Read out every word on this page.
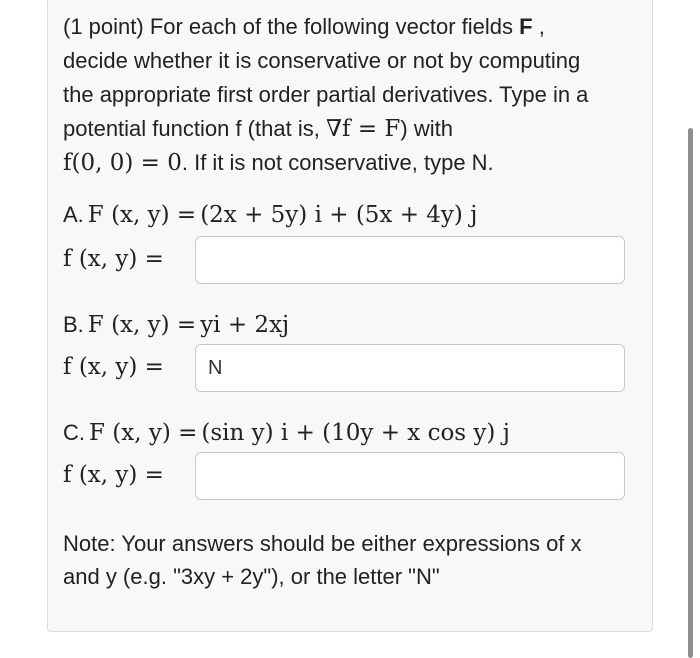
(1 point) For each of the following vector fields F ,
decide whether it is conservative or not by computing
the appropriate first order partial derivatives. Type in a
potential function f (that is, ∇f = F) with
f(0, 0) = 0. If it is not conservative, type N.
A. F (x, y) = (2x + 5y) i + (5x + 4y) j
f (x, y) =
B. F (x, y) = yi + 2xj
f (x, y) =
N
C. F (x, y) = (sin y) i + (10y + x cos y) j
f (x, y) =
Note: Your answers should be either expressions of x
and y (e.g. "3xy + 2y"), or the letter "N"
